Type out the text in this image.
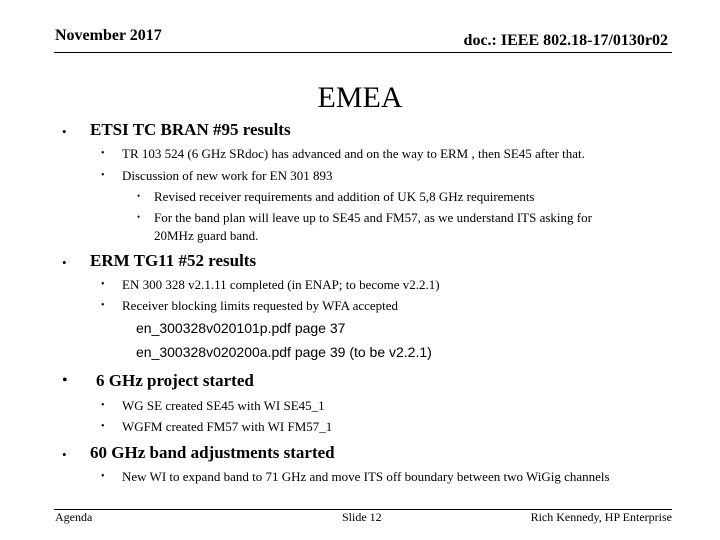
November 2017	doc.: IEEE 802.18-17/0130r02
EMEA
• ETSI TC BRAN #95 results
• TR 103 524 (6 GHz SRdoc) has advanced and on the way to ERM , then SE45 after that.
• Discussion of new work for EN 301 893
• Revised receiver requirements and addition of UK 5,8 GHz requirements
• For the band plan will leave up to SE45 and FM57, as we understand ITS asking for
20MHz guard band.
• ERM TG11 #52 results
• EN 300 328 v2.1.11 completed (in ENAP; to become v2.2.1)
• Receiver blocking limits requested by WFA accepted
en_300328v020101p.pdf page 37
en_300328v020200a.pdf page 39 (to be v2.2.1)
• 6 GHz project started
• WG SE created SE45 with WI SE45_1
• WGFM created FM57 with WI FM57_1
• 60 GHz band adjustments started
• New WI to expand band to 71 GHz and move ITS off boundary between two WiGig channels
Agenda	Slide 12	Rich Kennedy, HP Enterprise
